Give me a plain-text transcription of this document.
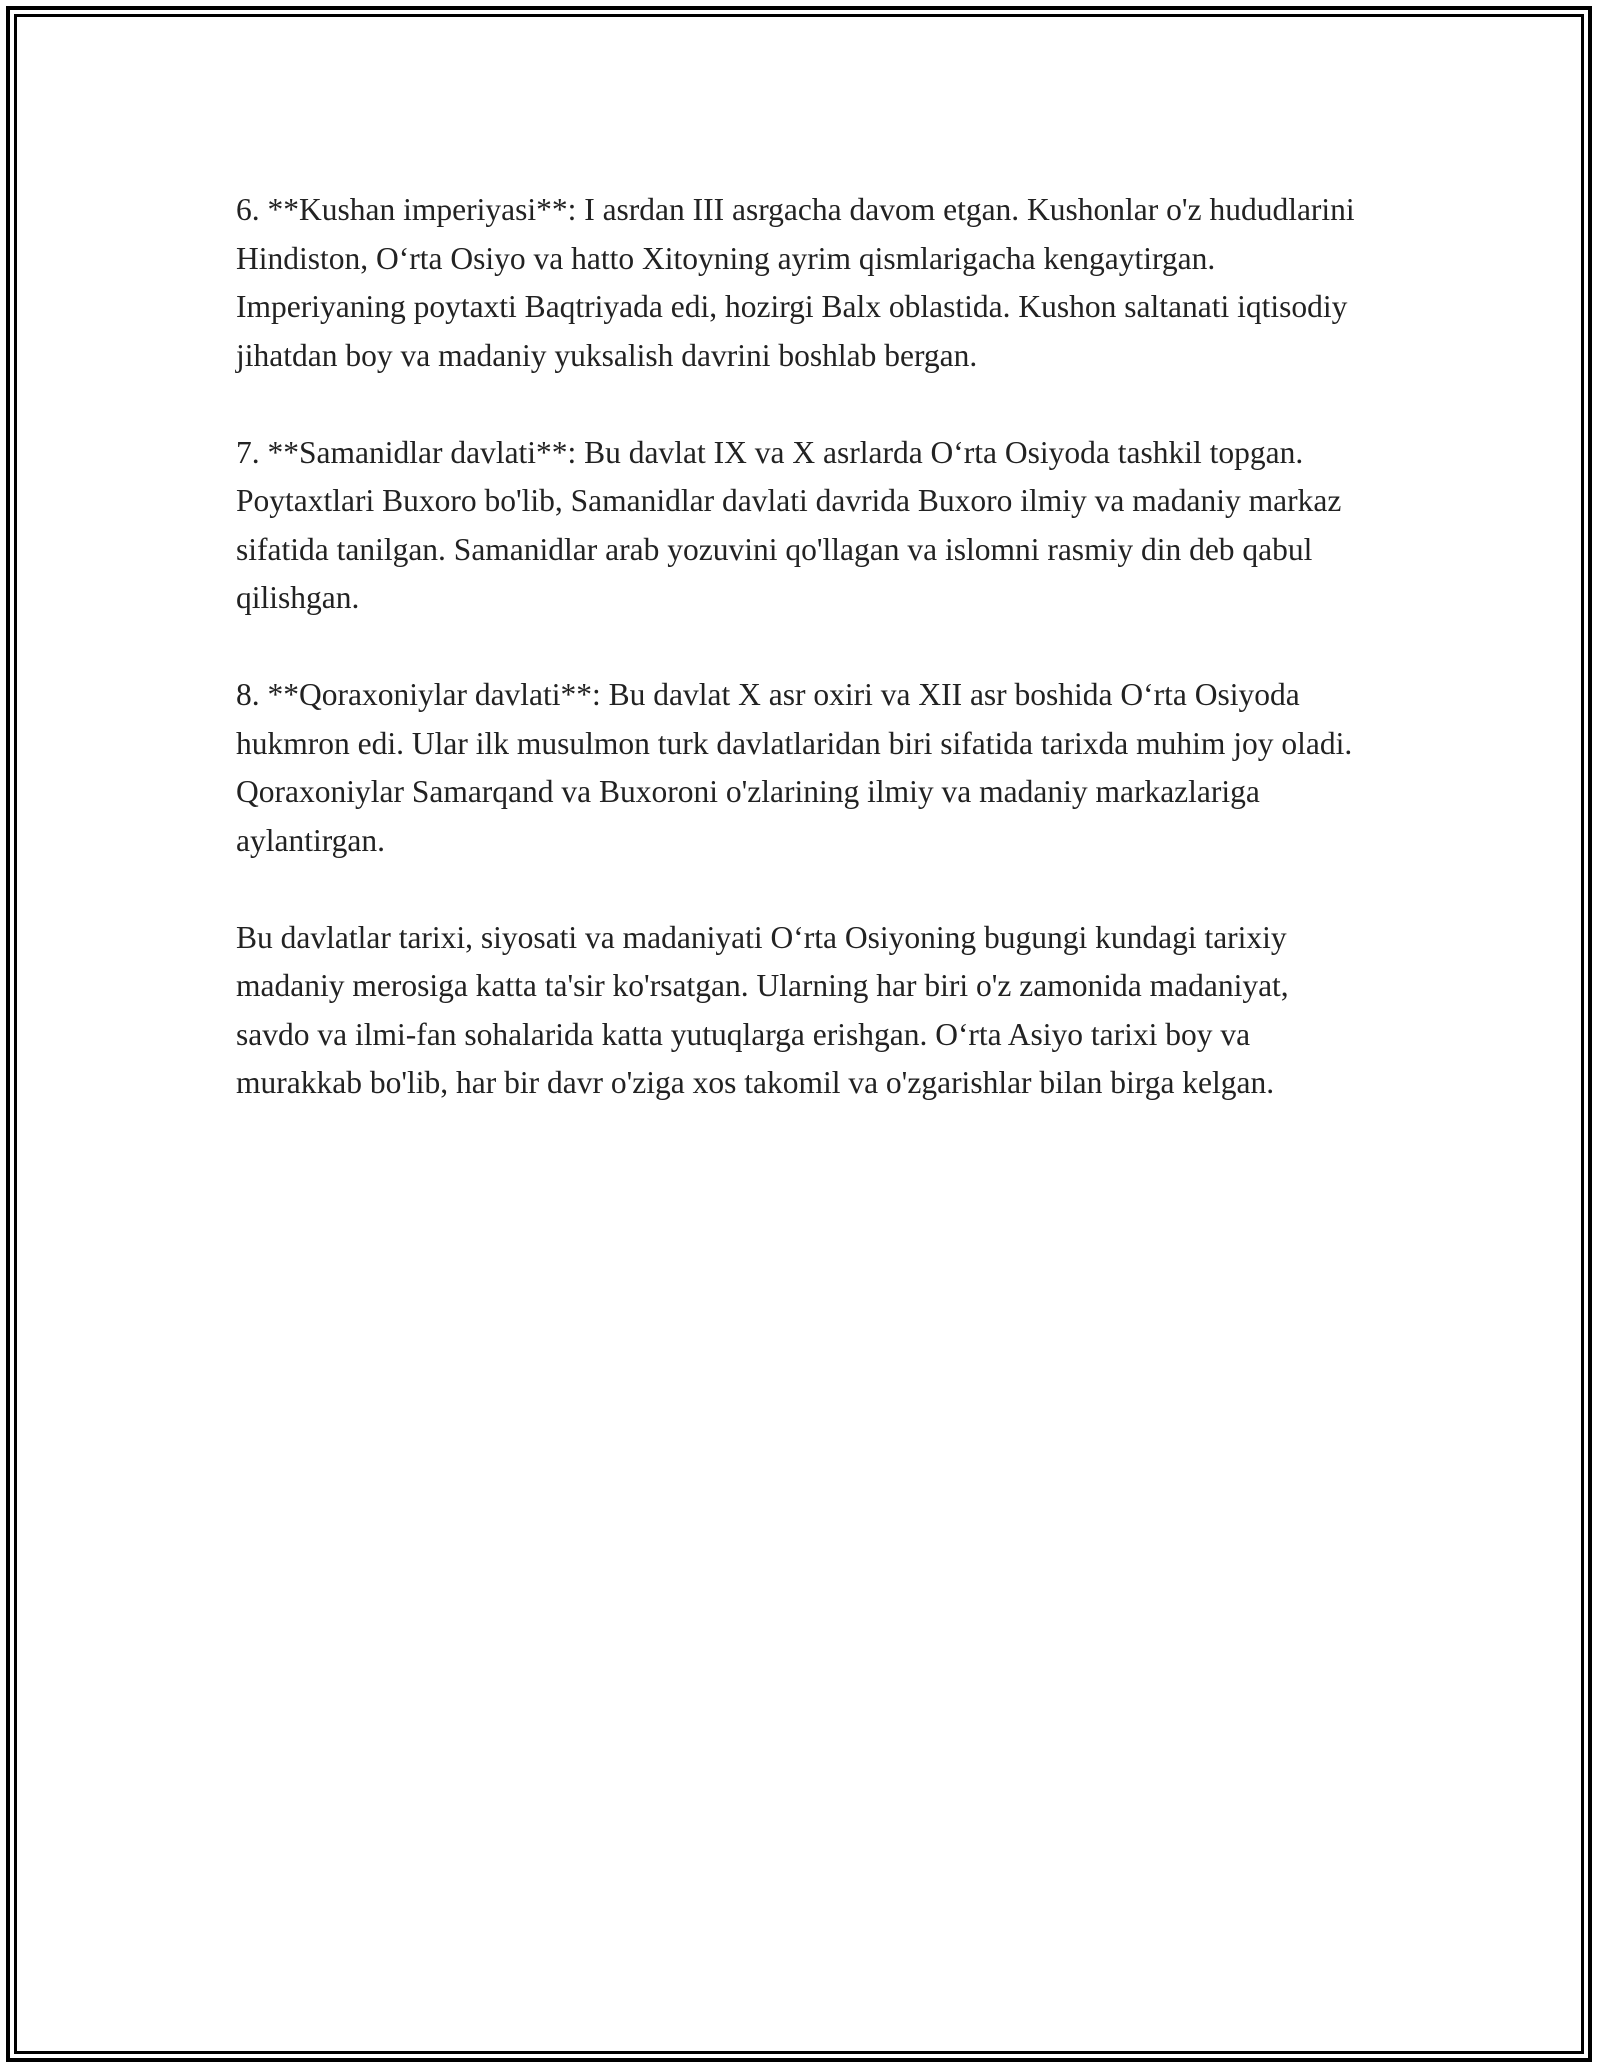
6. **Kushan imperiyasi**: I asrdan III asrgacha davom etgan. Kushonlar o'z hududlarini Hindiston, O‘rta Osiyo va hatto Xitoyning ayrim qismlarigacha kengaytirgan. Imperiyaning poytaxti Baqtriyada edi, hozirgi Balx oblastida. Kushon saltanati iqtisodiy jihatdan boy va madaniy yuksalish davrini boshlab bergan.

7. **Samanidlar davlati**: Bu davlat IX va X asrlarda O‘rta Osiyoda tashkil topgan. Poytaxtlari Buxoro bo'lib, Samanidlar davlati davrida Buxoro ilmiy va madaniy markaz sifatida tanilgan. Samanidlar arab yozuvini qo'llagan va islomni rasmiy din deb qabul qilishgan.

8. **Qoraxoniylar davlati**: Bu davlat X asr oxiri va XII asr boshida O‘rta Osiyoda hukmron edi. Ular ilk musulmon turk davlatlaridan biri sifatida tarixda muhim joy oladi. Qoraxoniylar Samarqand va Buxoroni o'zlarining ilmiy va madaniy markazlariga aylantirgan.

Bu davlatlar tarixi, siyosati va madaniyati O‘rta Osiyoning bugungi kundagi tarixiy madaniy merosiga katta ta'sir ko'rsatgan. Ularning har biri o'z zamonida madaniyat, savdo va ilmi-fan sohalarida katta yutuqlarga erishgan. O‘rta Asiyo tarixi boy va murakkab bo'lib, har bir davr o'ziga xos takomil va o'zgarishlar bilan birga kelgan.
